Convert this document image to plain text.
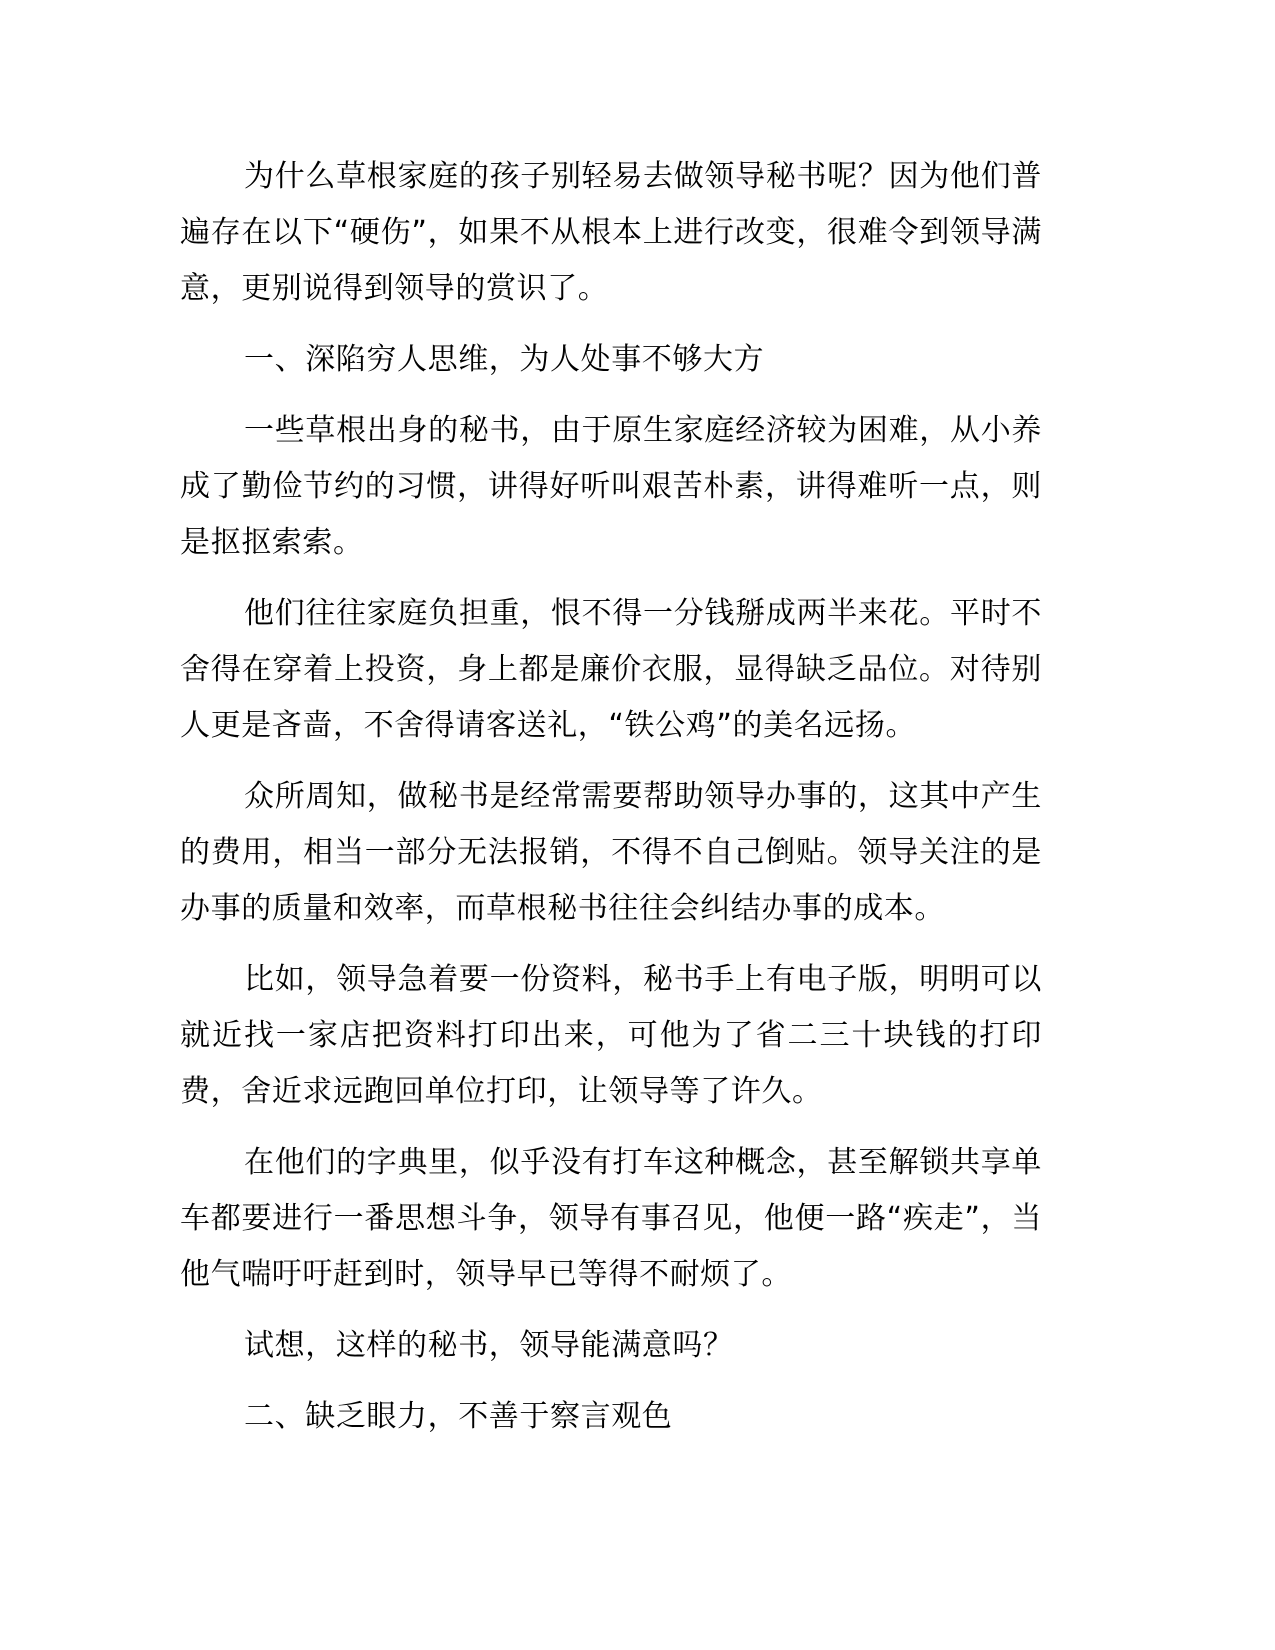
为什么草根家庭的孩子别轻易去做领导秘书呢？因为他们普遍存在以下“硬伤”，如果不从根本上进行改变，很难令到领导满意，更别说得到领导的赏识了。

一、深陷穷人思维，为人处事不够大方

一些草根出身的秘书，由于原生家庭经济较为困难，从小养成了勤俭节约的习惯，讲得好听叫艰苦朴素，讲得难听一点，则是抠抠索索。

他们往往家庭负担重，恨不得一分钱掰成两半来花。平时不舍得在穿着上投资，身上都是廉价衣服，显得缺乏品位。对待别人更是吝啬，不舍得请客送礼，“铁公鸡”的美名远扬。

众所周知，做秘书是经常需要帮助领导办事的，这其中产生的费用，相当一部分无法报销，不得不自己倒贴。领导关注的是办事的质量和效率，而草根秘书往往会纠结办事的成本。

比如，领导急着要一份资料，秘书手上有电子版，明明可以就近找一家店把资料打印出来，可他为了省二三十块钱的打印费，舍近求远跑回单位打印，让领导等了许久。

在他们的字典里，似乎没有打车这种概念，甚至解锁共享单车都要进行一番思想斗争，领导有事召见，他便一路“疾走”，当他气喘吁吁赶到时，领导早已等得不耐烦了。

试想，这样的秘书，领导能满意吗？

二、缺乏眼力，不善于察言观色
